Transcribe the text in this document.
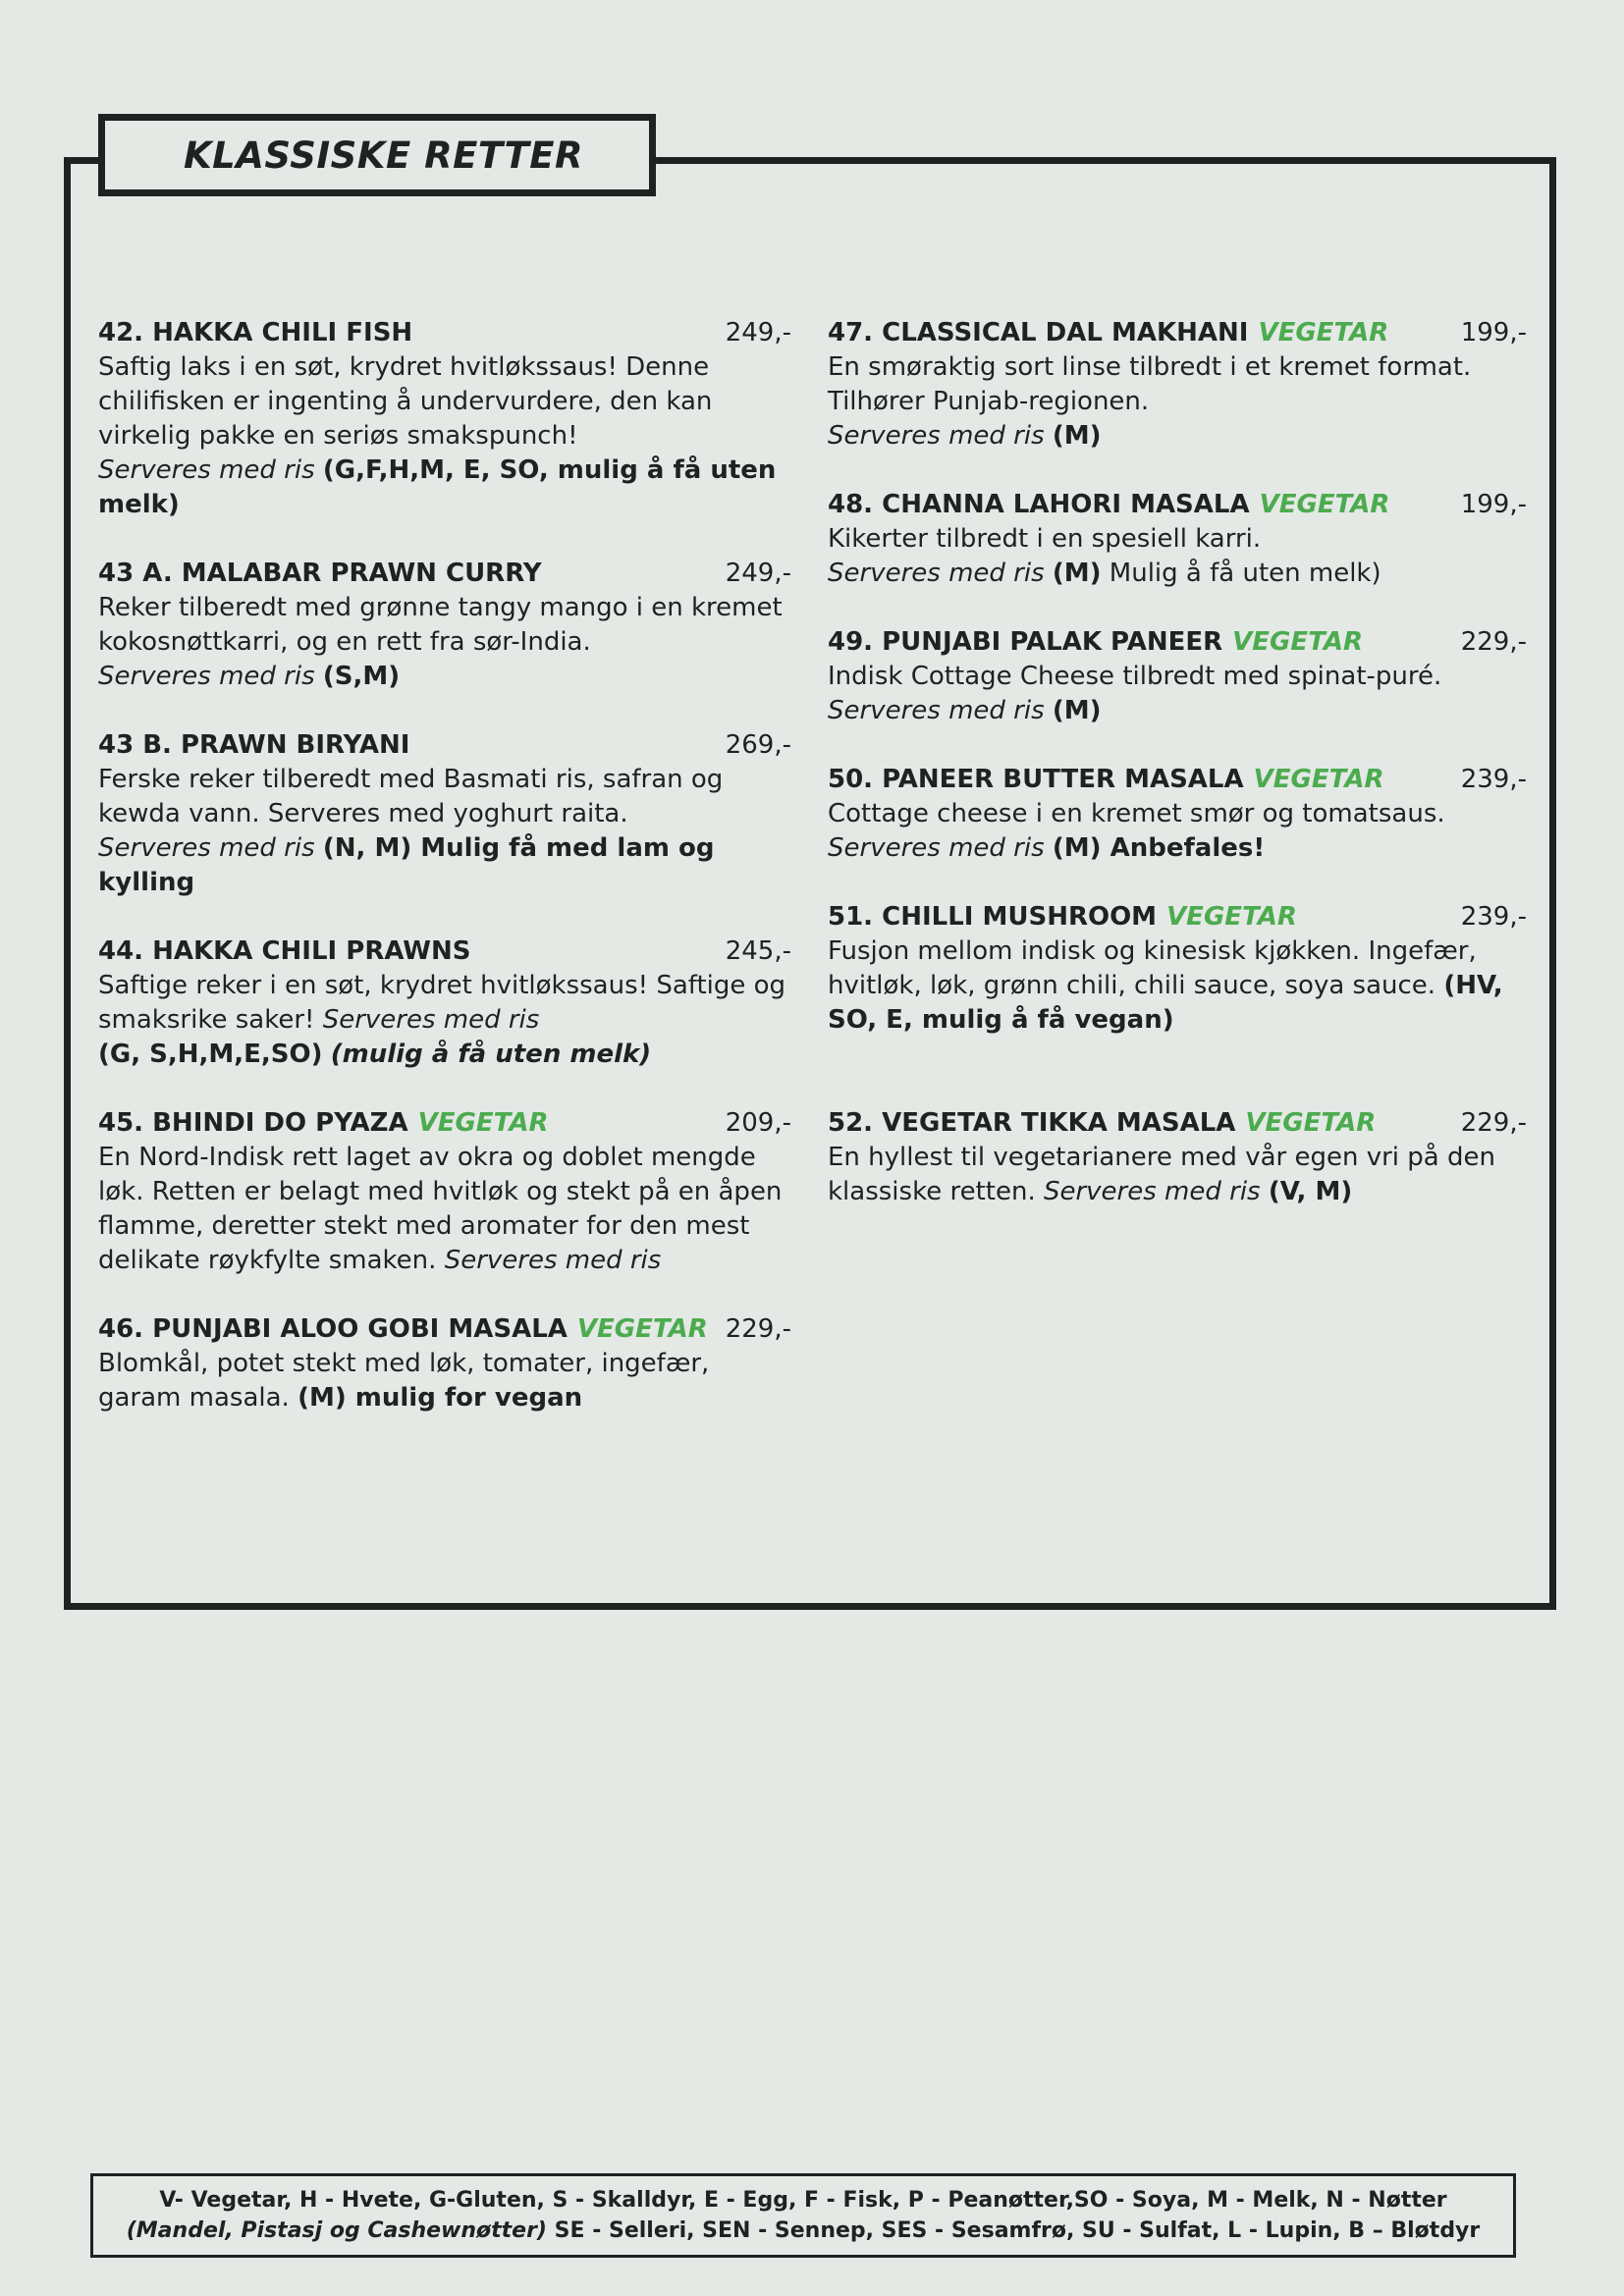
KLASSISKE RETTER
42. HAKKA CHILI FISH	249,-
Saftig laks i en søt, krydret hvitløkssaus! Denne chilifisken er ingenting å undervurdere, den kan virkelig pakke en seriøs smakspunch!
Serveres med ris (G,F,H,M, E, SO, mulig å få uten melk)
43 A. MALABAR PRAWN CURRY	249,-
Reker tilberedt med grønne tangy mango i en kremet kokosnøttkarri, og en rett fra sør-India.
Serveres med ris (S,M)
43 B. PRAWN BIRYANI	269,-
Ferske reker tilberedt med Basmati ris, safran og kewda vann. Serveres med yoghurt raita.
Serveres med ris (N, M) Mulig få med lam og kylling
44. HAKKA CHILI PRAWNS	245,-
Saftige reker i en søt, krydret hvitløkssaus! Saftige og smaksrike saker! Serveres med ris
(G, S,H,M,E,SO) (mulig å få uten melk)
45. BHINDI DO PYAZA VEGETAR	209,-
En Nord-Indisk rett laget av okra og doblet mengde løk. Retten er belagt med hvitløk og stekt på en åpen flamme, deretter stekt med aromater for den mest delikate røykfylte smaken. Serveres med ris
46. PUNJABI ALOO GOBI MASALA VEGETAR 229,-
Blomkål, potet stekt med løk, tomater, ingefær, garam masala. (M) mulig for vegan
47. CLASSICAL DAL MAKHANI VEGETAR	199,-
En smøraktig sort linse tilbredt i et kremet format. Tilhører Punjab-regionen.
Serveres med ris (M)
48. CHANNA LAHORI MASALA VEGETAR	199,-
Kikerter tilbredt i en spesiell karri.
Serveres med ris (M) Mulig å få uten melk)
49. PUNJABI PALAK PANEER VEGETAR	229,-
Indisk Cottage Cheese tilbredt med spinat-puré.
Serveres med ris (M)
50. PANEER BUTTER MASALA VEGETAR	239,-
Cottage cheese i en kremet smør og tomatsaus.
Serveres med ris (M) Anbefales!
51. CHILLI MUSHROOM VEGETAR	239,-
Fusjon mellom indisk og kinesisk kjøkken. Ingefær, hvitløk, løk, grønn chili, chili sauce, soya sauce. (HV, SO, E, mulig å få vegan)
52. VEGETAR TIKKA MASALA VEGETAR	229,-
En hyllest til vegetarianere med vår egen vri på den klassiske retten. Serveres med ris (V, M)
V- Vegetar, H - Hvete, G-Gluten, S - Skalldyr, E - Egg, F - Fisk, P - Peanøtter,SO - Soya, M - Melk, N - Nøtter
(Mandel, Pistasj og Cashewnøtter) SE - Selleri, SEN - Sennep, SES - Sesamfrø, SU - Sulfat, L - Lupin, B – Bløtdyr
